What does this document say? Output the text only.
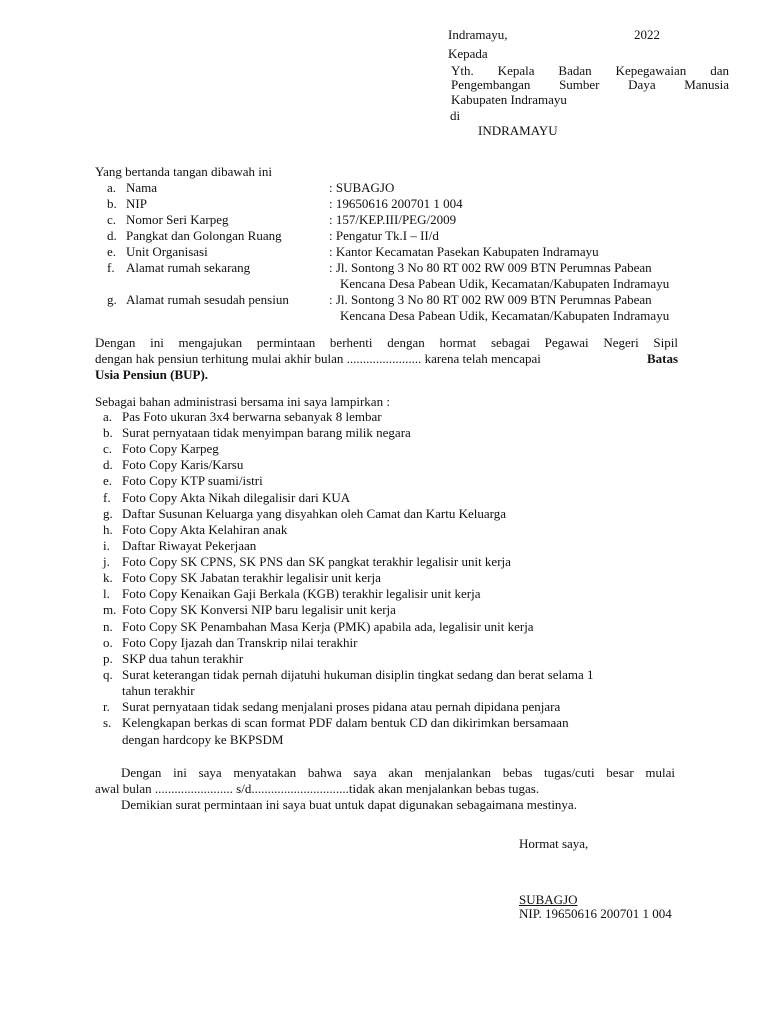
Indramayu,	2022
Kepada
Yth. Kepala Badan Kepegawaian dan
Pengembangan Sumber Daya Manusia
Kabupaten Indramayu
di
INDRAMAYU
Yang bertanda tangan dibawah ini
a. Nama	: SUBAGJO
b. NIP	: 19650616 200701 1 004
c. Nomor Seri Karpeg	: 157/KEP.III/PEG/2009
d. Pangkat dan Golongan Ruang	: Pengatur Tk.I – II/d
e. Unit Organisasi	: Kantor Kecamatan Pasekan Kabupaten Indramayu
f. Alamat rumah sekarang	: Jl. Sontong 3 No 80 RT 002 RW 009 BTN Perumnas Pabean
Kencana Desa Pabean Udik, Kecamatan/Kabupaten Indramayu
g. Alamat rumah sesudah pensiun	: Jl. Sontong 3 No 80 RT 002 RW 009 BTN Perumnas Pabean
Kencana Desa Pabean Udik, Kecamatan/Kabupaten Indramayu
Dengan ini mengajukan permintaan berhenti dengan hormat sebagai Pegawai Negeri Sipil
dengan hak pensiun terhitung mulai akhir bulan ....................... karena telah mencapai	Batas
Usia Pensiun (BUP).
Sebagai bahan administrasi bersama ini saya lampirkan :
a. Pas Foto ukuran 3x4 berwarna sebanyak 8 lembar
b. Surat pernyataan tidak menyimpan barang milik negara
c. Foto Copy Karpeg
d. Foto Copy Karis/Karsu
e. Foto Copy KTP suami/istri
f. Foto Copy Akta Nikah dilegalisir dari KUA
g. Daftar Susunan Keluarga yang disyahkan oleh Camat dan Kartu Keluarga
h. Foto Copy Akta Kelahiran anak
i. Daftar Riwayat Pekerjaan
j. Foto Copy SK CPNS, SK PNS dan SK pangkat terakhir legalisir unit kerja
k. Foto Copy SK Jabatan terakhir legalisir unit kerja
l. Foto Copy Kenaikan Gaji Berkala (KGB) terakhir legalisir unit kerja
m. Foto Copy SK Konversi NIP baru legalisir unit kerja
n. Foto Copy SK Penambahan Masa Kerja (PMK) apabila ada, legalisir unit kerja
o. Foto Copy Ijazah dan Transkrip nilai terakhir
p. SKP dua tahun terakhir
q. Surat keterangan tidak pernah dijatuhi hukuman disiplin tingkat sedang dan berat selama 1
tahun terakhir
r. Surat pernyataan tidak sedang menjalani proses pidana atau pernah dipidana penjara
s. Kelengkapan berkas di scan format PDF dalam bentuk CD dan dikirimkan bersamaan
dengan hardcopy ke BKPSDM
Dengan ini saya menyatakan bahwa saya akan menjalankan bebas tugas/cuti besar mulai
awal bulan ........................ s/d..............................tidak akan menjalankan bebas tugas.
Demikian surat permintaan ini saya buat untuk dapat digunakan sebagaimana mestinya.
Hormat saya,
SUBAGJO
NIP. 19650616 200701 1 004
